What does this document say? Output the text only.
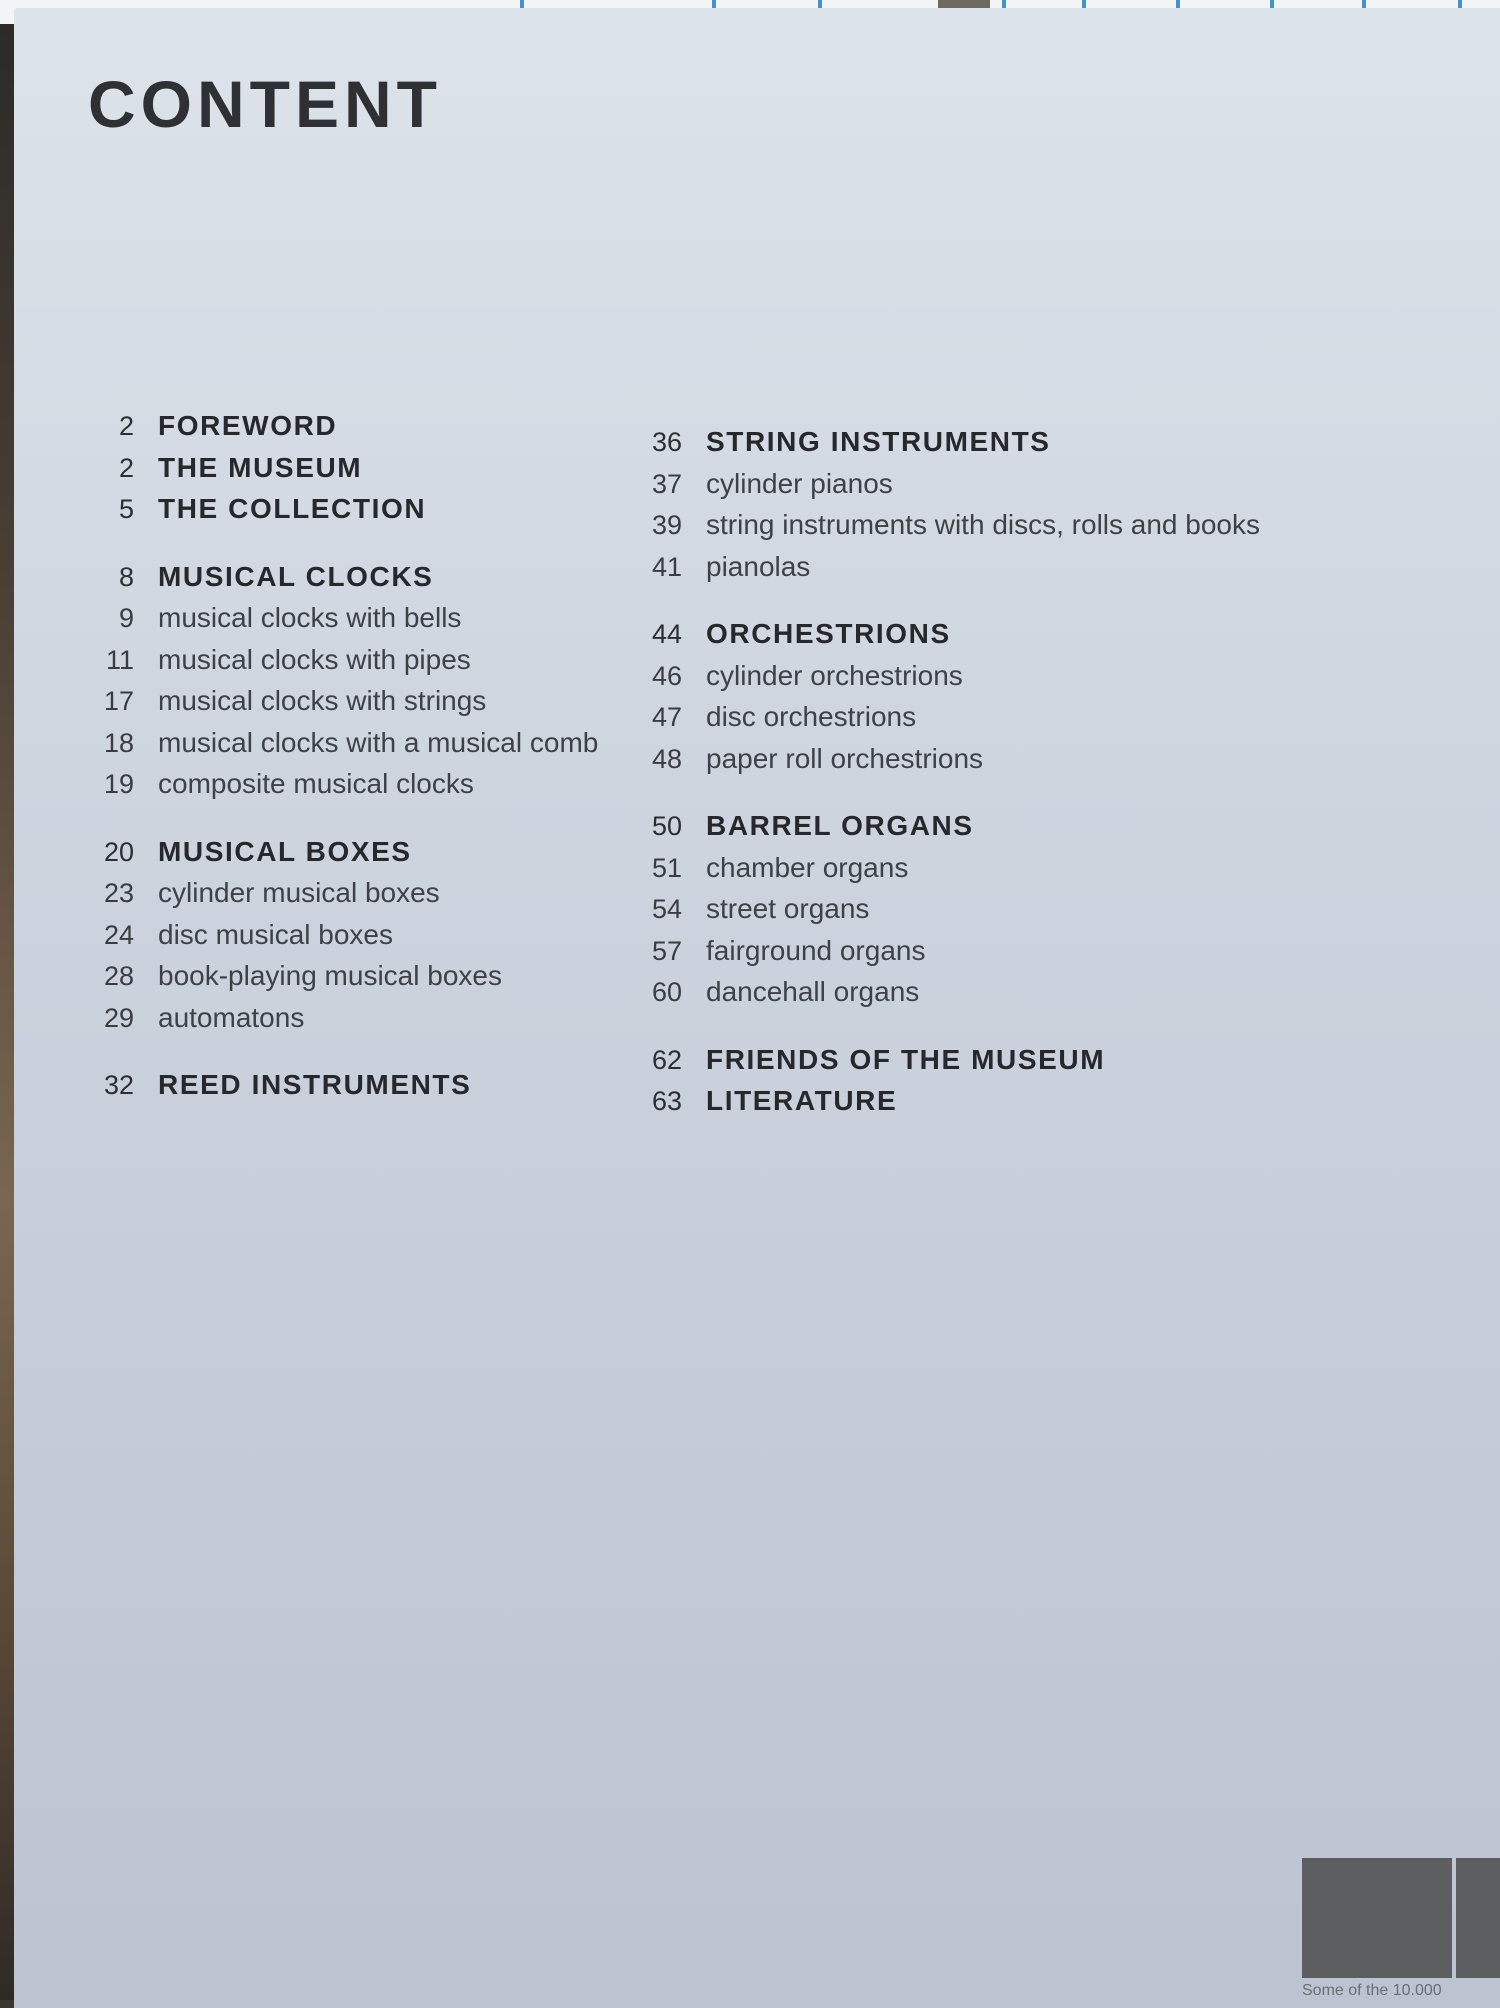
CONTENT
2 FOREWORD
2 THE MUSEUM
5 THE COLLECTION
8 MUSICAL CLOCKS
9 musical clocks with bells
11 musical clocks with pipes
17 musical clocks with strings
18 musical clocks with a musical comb
19 composite musical clocks
20 MUSICAL BOXES
23 cylinder musical boxes
24 disc musical boxes
28 book-playing musical boxes
29 automatons
32 REED INSTRUMENTS
36 STRING INSTRUMENTS
37 cylinder pianos
39 string instruments with discs, rolls and books
41 pianolas
44 ORCHESTRIONS
46 cylinder orchestrions
47 disc orchestrions
48 paper roll orchestrions
50 BARREL ORGANS
51 chamber organs
54 street organs
57 fairground organs
60 dancehall organs
62 FRIENDS OF THE MUSEUM
63 LITERATURE
Some of the 10.000
